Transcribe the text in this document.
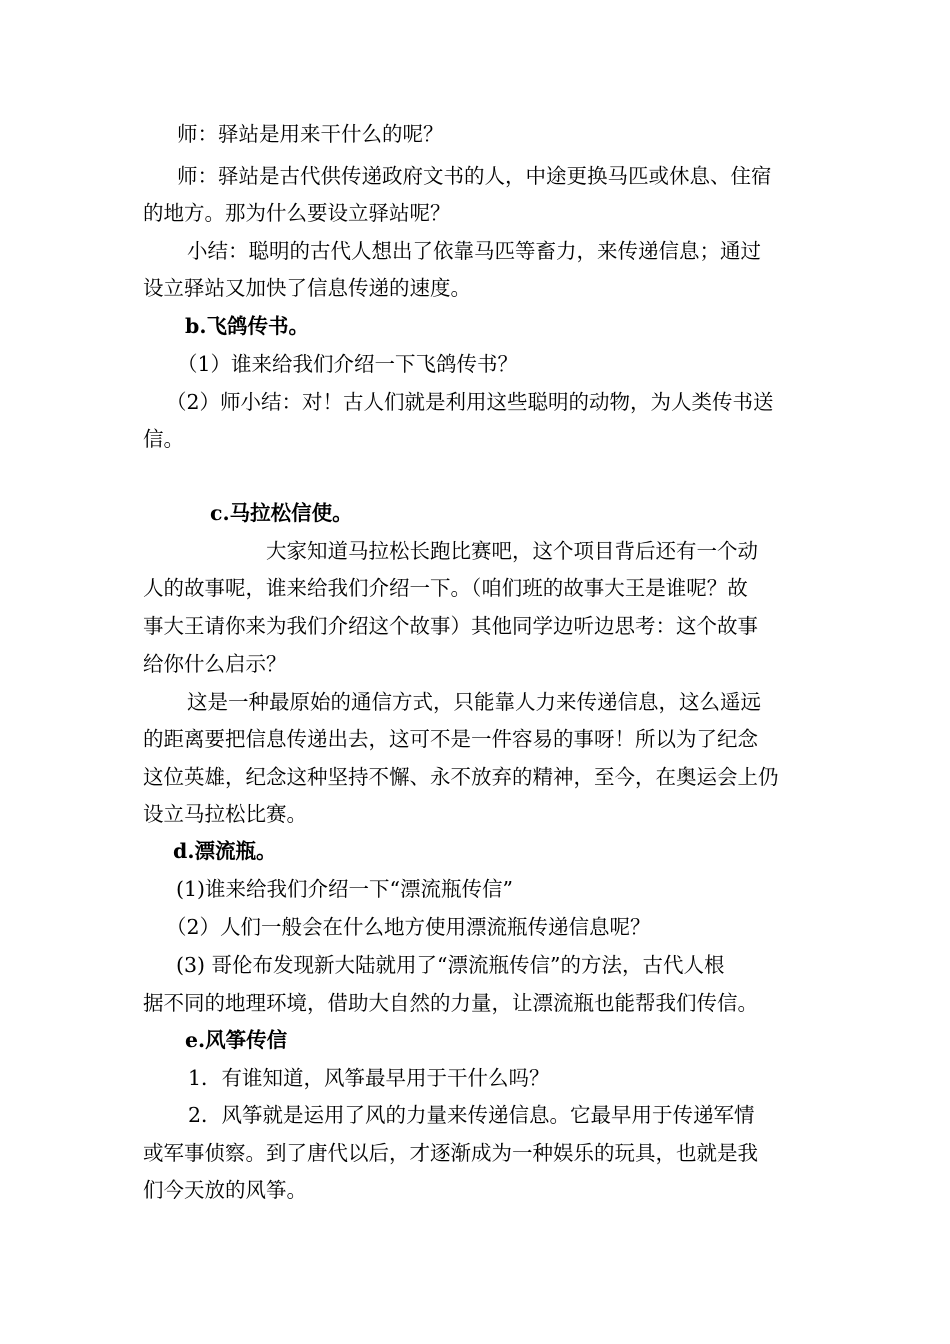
师：驿站是用来干什么的呢？

师：驿站是古代供传递政府文书的人，中途更换马匹或休息、住宿

的地方。那为什么要设立驿站呢？

小结：聪明的古代人想出了依靠马匹等畜力，来传递信息；通过

设立驿站又加快了信息传递的速度。

b.飞鸽传书。

（1）谁来给我们介绍一下飞鸽传书？

（2）师小结：对！古人们就是利用这些聪明的动物，为人类传书送

信。

c.马拉松信使。

大家知道马拉松长跑比赛吧，这个项目背后还有一个动

人的故事呢，谁来给我们介绍一下。（咱们班的故事大王是谁呢？故

事大王请你来为我们介绍这个故事）其他同学边听边思考：这个故事

给你什么启示？

这是一种最原始的通信方式，只能靠人力来传递信息，这么遥远

的距离要把信息传递出去，这可不是一件容易的事呀！所以为了纪念

这位英雄，纪念这种坚持不懈、永不放弃的精神，至今，在奥运会上仍

设立马拉松比赛。

d.漂流瓶。

(1)谁来给我们介绍一下“漂流瓶传信”

（2）人们一般会在什么地方使用漂流瓶传递信息呢？

(3) 哥伦布发现新大陆就用了“漂流瓶传信”的方法，古代人根

据不同的地理环境，借助大自然的力量，让漂流瓶也能帮我们传信。

e.风筝传信

1．有谁知道，风筝最早用于干什么吗？

2．风筝就是运用了风的力量来传递信息。它最早用于传递军情

或军事侦察。到了唐代以后，才逐渐成为一种娱乐的玩具，也就是我

们今天放的风筝。
